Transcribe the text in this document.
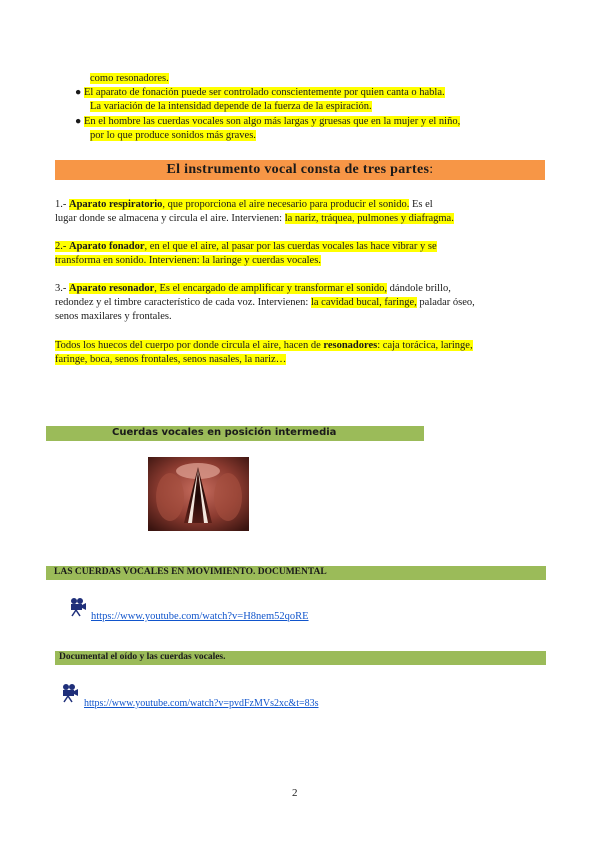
como resonadores.
● El aparato de fonación puede ser controlado conscientemente por quien canta o habla.
La variación de la intensidad depende de la fuerza de la espiración.
● En el hombre las cuerdas vocales son algo más largas y gruesas que en la mujer y el niño,
por lo que produce sonidos más graves.
El instrumento vocal consta de tres partes:
1.- Aparato respiratorio, que proporciona el aire necesario para producir el sonido. Es el
lugar donde se almacena y circula el aire. Intervienen: la nariz, tráquea, pulmones y diafragma.
2.- Aparato fonador, en el que el aire, al pasar por las cuerdas vocales las hace vibrar y se
transforma en sonido. Intervienen: la laringe y cuerdas vocales.
3.- Aparato resonador, Es el encargado de amplificar y transformar el sonido, dándole brillo,
redondez y el timbre característico de cada voz. Intervienen: la cavidad bucal, faringe, paladar óseo,
senos maxilares y frontales.
Todos los huecos del cuerpo por donde circula el aire, hacen de resonadores: caja torácica, laringe,
faringe, boca, senos frontales, senos nasales, la nariz…
Cuerdas vocales en posición intermedia
LAS CUERDAS VOCALES EN MOVIMIENTO. DOCUMENTAL
https://www.youtube.com/watch?v=H8nem52qoRE
Documental el oído y las cuerdas vocales.
https://www.youtube.com/watch?v=pvdFzMVs2xc&t=83s
2
